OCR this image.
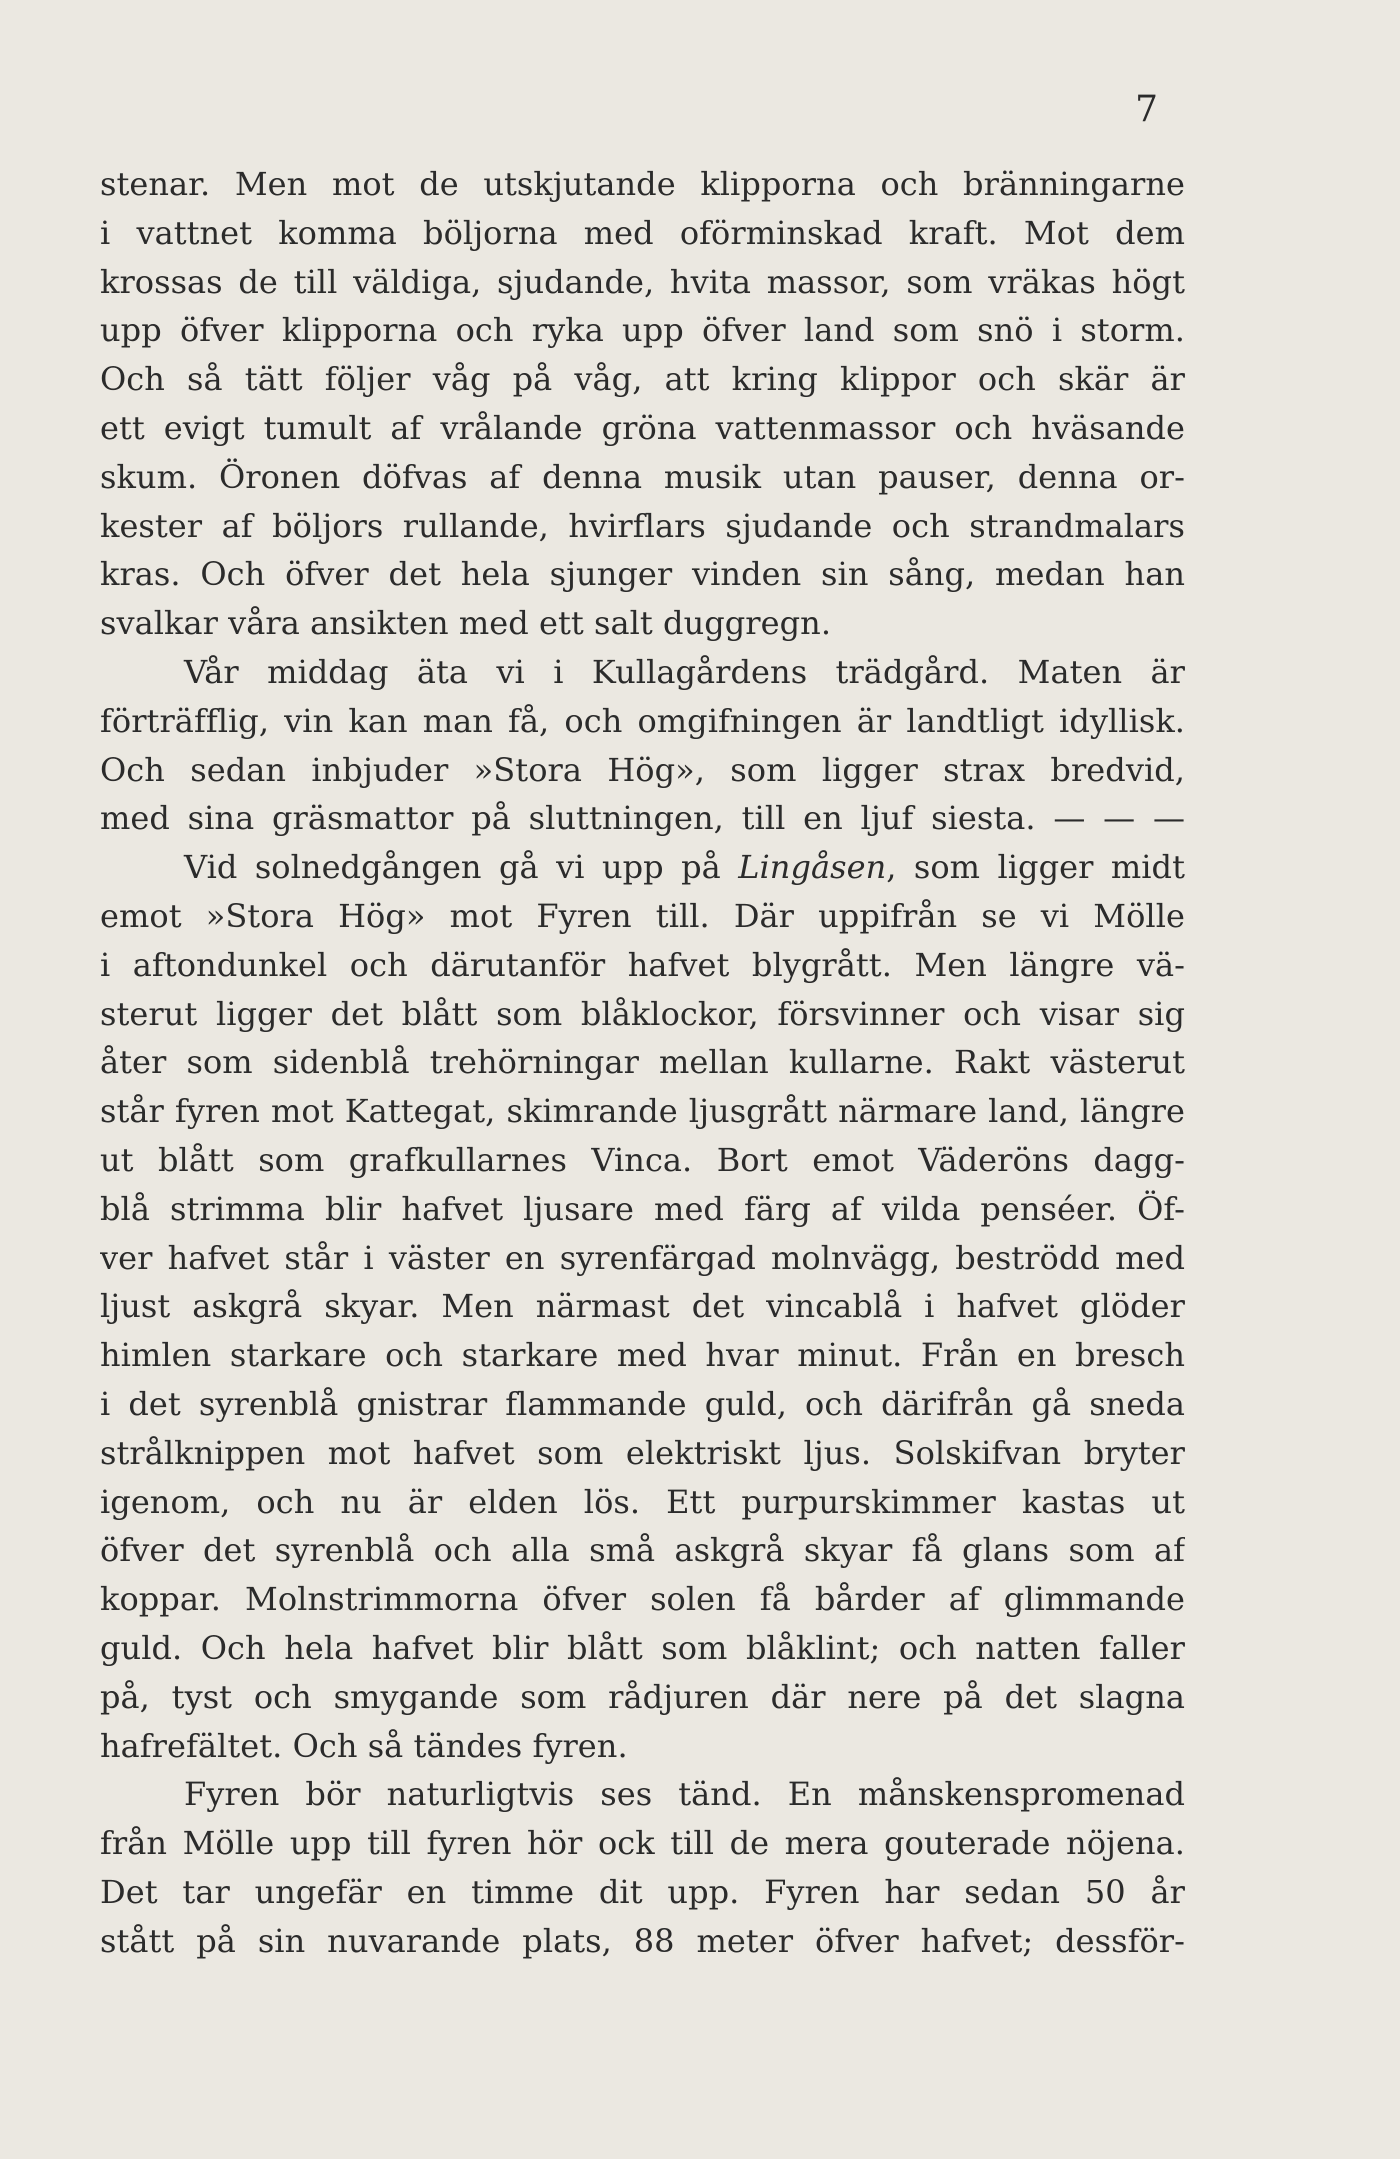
7
stenar. Men mot de utskjutande klipporna och bränningarne
i vattnet komma böljorna med oförminskad kraft. Mot dem
krossas de till väldiga, sjudande, hvita massor, som vräkas högt
upp öfver klipporna och ryka upp öfver land som snö i storm.
Och så tätt följer våg på våg, att kring klippor och skär är
ett evigt tumult af vrålande gröna vattenmassor och hväsande
skum. Öronen döfvas af denna musik utan pauser, denna or-
kester af böljors rullande, hvirflars sjudande och strandmalars
kras. Och öfver det hela sjunger vinden sin sång, medan han
svalkar våra ansikten med ett salt duggregn.
Vår middag äta vi i Kullagårdens trädgård. Maten är
förträfflig, vin kan man få, och omgifningen är landtligt idyllisk.
Och sedan inbjuder »Stora Hög», som ligger strax bredvid,
med sina gräsmattor på sluttningen, till en ljuf siesta. — — —
Vid solnedgången gå vi upp på Lingåsen, som ligger midt
emot »Stora Hög» mot Fyren till. Där uppifrån se vi Mölle
i aftondunkel och därutanför hafvet blygrått. Men längre vä-
sterut ligger det blått som blåklockor, försvinner och visar sig
åter som sidenblå trehörningar mellan kullarne. Rakt västerut
står fyren mot Kattegat, skimrande ljusgrått närmare land, längre
ut blått som grafkullarnes Vinca. Bort emot Väderöns dagg-
blå strimma blir hafvet ljusare med färg af vilda penséer. Öf-
ver hafvet står i väster en syrenfärgad molnvägg, beströdd med
ljust askgrå skyar. Men närmast det vincablå i hafvet glöder
himlen starkare och starkare med hvar minut. Från en bresch
i det syrenblå gnistrar flammande guld, och därifrån gå sneda
strålknippen mot hafvet som elektriskt ljus. Solskifvan bryter
igenom, och nu är elden lös. Ett purpurskimmer kastas ut
öfver det syrenblå och alla små askgrå skyar få glans som af
koppar. Molnstrimmorna öfver solen få bårder af glimmande
guld. Och hela hafvet blir blått som blåklint; och natten faller
på, tyst och smygande som rådjuren där nere på det slagna
hafrefältet. Och så tändes fyren.
Fyren bör naturligtvis ses tänd. En månskenspromenad
från Mölle upp till fyren hör ock till de mera gouterade nöjena.
Det tar ungefär en timme dit upp. Fyren har sedan 50 år
stått på sin nuvarande plats, 88 meter öfver hafvet; dessför-
